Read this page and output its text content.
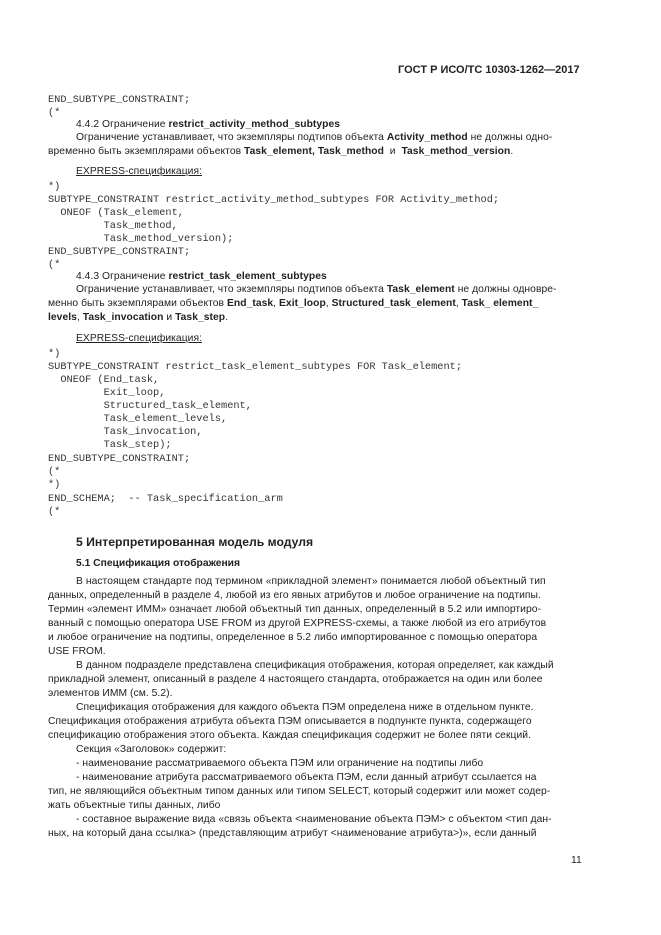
ГОСТ Р ИСО/ТС 10303-1262—2017
END_SUBTYPE_CONSTRAINT;
(*
4.4.2 Ограничение restrict_activity_method_subtypes
Ограничение устанавливает, что экземпляры подтипов объекта Activity_method не должны одно-
временно быть экземплярами объектов Task_element, Task_method  и  Task_method_version.
EXPRESS-спецификация:
*)
SUBTYPE_CONSTRAINT restrict_activity_method_subtypes FOR Activity_method;
ONEOF (Task_element,
Task_method,
Task_method_version);
END_SUBTYPE_CONSTRAINT;
(*
4.4.3 Ограничение restrict_task_element_subtypes
Ограничение устанавливает, что экземпляры подтипов объекта Task_element не должны одновре-
менно быть экземплярами объектов End_task, Exit_loop, Structured_task_element, Task_ element_
levels, Task_invocation и Task_step.
EXPRESS-спецификация:
*)
SUBTYPE_CONSTRAINT restrict_task_element_subtypes FOR Task_element;
ONEOF (End_task,
Exit_loop,
Structured_task_element,
Task_element_levels,
Task_invocation,
Task_step);
END_SUBTYPE_CONSTRAINT;
(*
*)
END_SCHEMA;  -- Task_specification_arm
(*
5 Интерпретированная модель модуля
5.1 Спецификация отображения
В настоящем стандарте под термином «прикладной элемент» понимается любой объектный тип
данных, определенный в разделе 4, любой из его явных атрибутов и любое ограничение на подтипы.
Термин «элемент ИММ» означает любой объектный тип данных, определенный в 5.2 или импортиро-
ванный с помощью оператора USE FROM из другой EXPRESS-схемы, а также любой из его атрибутов
и любое ограничение на подтипы, определенное в 5.2 либо импортированное с помощью оператора
USE FROM.
В данном подразделе представлена спецификация отображения, которая определяет, как каждый
прикладной элемент, описанный в разделе 4 настоящего стандарта, отображается на один или более
элементов ИММ (см. 5.2).
Спецификация отображения для каждого объекта ПЭМ определена ниже в отдельном пункте.
Спецификация отображения атрибута объекта ПЭМ описывается в подпункте пункта, содержащего
спецификацию отображения этого объекта. Каждая спецификация содержит не более пяти секций.
Секция «Заголовок» содержит:
- наименование рассматриваемого объекта ПЭМ или ограничение на подтипы либо
- наименование атрибута рассматриваемого объекта ПЭМ, если данный атрибут ссылается на
тип, не являющийся объектным типом данных или типом SELECT, который содержит или может содер-
жать объектные типы данных, либо
- составное выражение вида «связь объекта <наименование объекта ПЭМ> с объектом <тип дан-
ных, на который дана ссылка> (представляющим атрибут <наименование атрибута>)», если данный
11
